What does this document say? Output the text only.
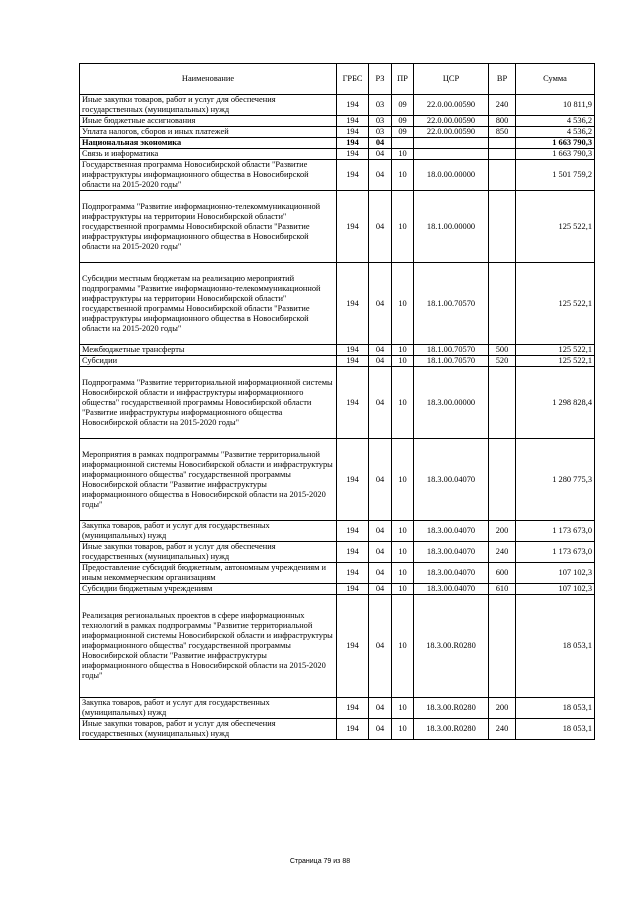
Наименование	ГРБС	РЗ	ПР	ЦСР	ВР	Сумма
Иные закупки товаров, работ и услуг для обеспечения государственных (муниципальных) нужд	194	03	09	22.0.00.00590	240	10 811,9
Иные бюджетные ассигнования	194	03	09	22.0.00.00590	800	4 536,2
Уплата налогов, сборов и иных платежей	194	03	09	22.0.00.00590	850	4 536,2
Национальная экономика	194	04				1 663 790,3
Связь и информатика	194	04	10			1 663 790,3
Государственная программа Новосибирской области "Развитие инфраструктуры информационного общества в Новосибирской области на 2015-2020 годы"	194	04	10	18.0.00.00000		1 501 759,2
Подпрограмма "Развитие информационно-телекоммуникационной инфраструктуры на территории Новосибирской области" государственной программы Новосибирской области "Развитие инфраструктуры информационного общества в Новосибирской области на 2015-2020 годы"	194	04	10	18.1.00.00000		125 522,1
Субсидии местным бюджетам на реализацию мероприятий подпрограммы "Развитие информационно-телекоммуникационной инфраструктуры на территории Новосибирской области" государственной программы Новосибирской области "Развитие инфраструктуры информационного общества в Новосибирской области на 2015-2020 годы"	194	04	10	18.1.00.70570		125 522,1
Межбюджетные трансферты	194	04	10	18.1.00.70570	500	125 522,1
Субсидии	194	04	10	18.1.00.70570	520	125 522,1
Подпрограмма "Развитие территориальной информационной системы Новосибирской области и инфраструктуры информационного общества" государственной программы Новосибирской области "Развитие инфраструктуры информационного общества Новосибирской области на 2015-2020 годы"	194	04	10	18.3.00.00000		1 298 828,4
Мероприятия в рамках подпрограммы "Развитие территориальной информационной системы Новосибирской области и инфраструктуры информационного общества" государственной программы Новосибирской области "Развитие инфраструктуры информационного общества в Новосибирской области на 2015-2020 годы"	194	04	10	18.3.00.04070		1 280 775,3
Закупка товаров, работ и услуг для государственных (муниципальных) нужд	194	04	10	18.3.00.04070	200	1 173 673,0
Иные закупки товаров, работ и услуг для обеспечения государственных (муниципальных) нужд	194	04	10	18.3.00.04070	240	1 173 673,0
Предоставление субсидий бюджетным, автономным учреждениям и иным некоммерческим организациям	194	04	10	18.3.00.04070	600	107 102,3
Субсидии бюджетным учреждениям	194	04	10	18.3.00.04070	610	107 102,3
Реализация региональных проектов в сфере информационных технологий в рамках подпрограммы "Развитие территориальной информационной системы Новосибирской области и инфраструктуры информационного общества" государственной программы Новосибирской области "Развитие инфраструктуры информационного общества в Новосибирской области на 2015-2020 годы"	194	04	10	18.3.00.R0280		18 053,1
Закупка товаров, работ и услуг для государственных (муниципальных) нужд	194	04	10	18.3.00.R0280	200	18 053,1
Иные закупки товаров, работ и услуг для обеспечения государственных (муниципальных) нужд	194	04	10	18.3.00.R0280	240	18 053,1
Страница 79 из 88
